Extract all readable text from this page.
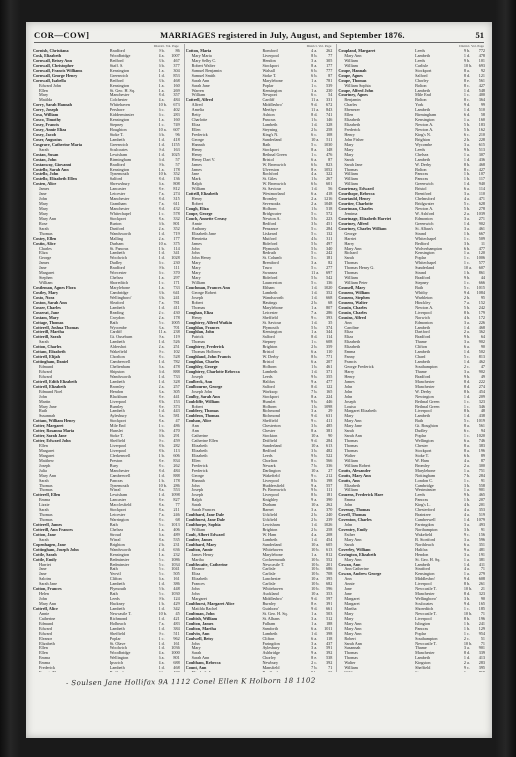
COR—COW]	MARRIAGES registered in July, August, and September 1876.	51
District. Vol. Page
Cornish, Christiana	Bradford	9 b.	86
Cosk, Elizabeth	Woodbridge	4 a. 1007
Cornwall, Betsey Ann	Bedford	3 b. 467
Cornwall, Christopher	Staff. S.	6 b. 377
Cornwall, Francis Williams	Kensington	1 a. 304
Cornwall, George Henry	Greenwich	1 d. 853
Cornwall, Isabella	Bedford	3 b. 468
Edward John	Kensington	1 a. 160
Ellen	St. Geo. H. Sq.	1 a. 269
Mary	Manchester	8 d. 357
Matilda	Colchester	4 a. 484
Corry, Sarah Hannah	Whitehaven	10 b. 673
Corry, Joseph	Pershore	6 c. 402
Cosa, William	Kidderminster	6 c. 283
Cosco, Timothy	Kensington	1 a. 160
Cosey, Francis	Stepney	1 c. 749
Cosey, Annie Eliza	Houghton	10 a. 607
Cosey, Jacob	Stoke T.	6 b.	96
Coser, Augustus	Lambeth	1 d. 418
Cosgrave, Catherine Maria	Greenwich	1 d. 1155
Sarah	Sculcoates	9 d. 163
Costan, Susan	Lewisham	1 d. 1025
Costan, John	Birmingham	6 d.	57
Costanway, Giovanni	Bradford	9 b.	57
Costello, Sarah Ann	Kensington	1 a. 178
Costello, John	Tynemouth	10 b. 352
Costello, Elizabeth Ellen	Salford	8 d. 136
Costen, Alice	Shrewsbury	6 a. 808
James	Lancaster	8 e. 812
Jane	Leicester	7 a. 274
John	Manchester	8 d. 315
Mary	Grantham	7 a. 611
Mary	Manchester	8 d. 432
Mary	Whitechapel	1 c. 578
Mary Ann	Stockport	8 a. 332
Rose	Burton	6 b. 801
Sarah	Dartford	2 a. 352
Thomas	Wandsworth	1 d. 719
Costey, Ellen	Malling	2 a. 177
Costin, Alice	Durham	10 a. 375
Charles	St. Pancras	1 b. 114
Eliza	Lambeth	1 d. 341
George	Woolwich	1 d. 1028
James	Dudley	6 c. 230
Jane	Bradford	9 b. 111
Margaret	Worcester	6 c. 370
Stephen	Chelsea	1 a. 297
William	Shoreditch	1 c. 171
Costleman, Agnes Flora	Marylebone	1 a. 733
Costley, Mary	Cambridge	3 b. 641
Costo, Nora	Wellingboro'	3 b. 241
Coston, Sarah Ann	Sleaford	7 a. 781
Cosser, Charles	Lambeth	1 d. 411
Cosserat, Jane	Reading	2 c. 430
Costam, Mary	Croydon	2 a. 178
Cottage, Thomas	Bath	5 c. 1005
Cotterell, Joshua Thomas	Wycombe	3 a. 701
Cotterill, Martha	Cardiff	11 a. 238
Cotterill, Sarah	Gt. Ouseburn	9 a. 119
Sarah	Lambeth	1 d. 526
Cotton, Charles	Aldershot	2 a. 251
Cottam, Elizabeth	Wakefield	9 c. 102
Cottrell, Elijah	Chorlton	8 c. 528
Cottingham, Daniel	Camberwell	1 d. 782
Edmund	Cheltenham	6 a. 478
Edward	Shipston	6 d. 888
Edward	Wandsworth	1 d. 733
Cottrell, Edith Elizabeth	Lambeth	1 d. 328
Cottrell, Elizabeth	Bromley	2 a. 257
Edmund Noel	Hendon	3 a. 305
John	Blackburn	8 e. 441
Martin	Liverpool	8 b. 153
Mary Jane	Burnley	8 e. 373
Ruth	Lambeth	1 d. 443
Susannah	Aylesbury	3 a. 581
Cottam, William Henry	Stockport	8 a.	47
Cotter, Margaret	Mile End	1 c. 486
Cotter, Rosanna Maria	Hunslet	9 b. 470
Cotter, Sarah Jane	Stoke T.	6 b. 291
Cotter, Edward John	Sheffield	9 c. 459
Ellen	Liverpool	8 b. 282
Margaret	Liverpool	8 b. 113
Margaret	Clerkenwell	1 b. 606
Matthew	Preston	8 e. 834
Joseph	Bury	8 c. 262
Julia	Manchester	8 d. 484
Mary Ann	Camberwell	1 d. 888
Sarah	Pancras	1 b. 178
Thomas	Tynemouth	10 b. 286
Thomas	Wirral	8 a. 553
Cotterell, Ellen	Lewisham	1 d. 1098
Emma	Lancaster	8 e. 827
Lizzie	Macclesfield	8 a.	77
Sarah	Stockport	8 a. 211
Thomas	Leicester	7 a. 246
Thomas	Warrington	8 c.	68
Cotterell, James	Bath	5 c. 1013
Cotterill, Ann Frances	Chelsea	1 a. 406
Cotton, Jane	Stroud	6 a. 489
Sarah	Wirral	8 a. 535
Copenhagen, Jane	Brighton	2 b. 231
Cottingham, Joseph John	Wandsworth	1 d. 636
Cottle, Sarah	Kensington	1 a. 232
Cottle, Emily	Bedminster	5 c. 1086
Harriet	Bedminster	5 c. 1034
Jane	Bath	5 c. 1041
Jane	Yeovil	5 c. 505
Saloim	Clifton	6 a. 161
Sarah Jane	Lambeth	1 d. 386
Cotton, Frances	Plymouth	5 b. 448
Helen	Bath	5 c. 1030
John	Leeds	9 b. 124
Mary Ann	Hackney	1 b. 429
Cottrell, Alice	Lambeth	1 d. 342
Annie	Newcastle T.	10 b. 45
Catherine	Richmond	1 d. 421
Edmund	Holbeach	7 a. 483
Edward	Lambeth	1 d. 384
Edward	Sheffield	9 c. 511
Eleanor	Poplar	1 c. 962
Elizabeth	St. Olave	1 d. 161
Ellen	Woolwich	1 d. 1036
Ellen	Woodbridge	4 a. 1000
Emma	Wellington	6 a. 801
Emma	Ipswich	4 a. 688
Frederick	Lambeth	1 d. 468
District. Vol. Page
Cotton, Maria	Romford	4 a. 262
Mary Maria	Liverpool	8 b.	77
Mary Selby C.	Hendon	3 a. 305
Robert Walter	Stockport	8 a. 177
Samuel Benjamin	Walsall	6 b. 777
Samuel Smith	Stoke T.	6 b.	87
Sarah Ann	Marylebone	1 a. 781
Sarah Jane	Poplar	1 c. 539
Warren	Kensington	1 a. 230
William	Newport	6 c.	54
Cottrell, Alfred	Cardiff	11 a. 331
Alfred	Middlesbro'	9 d. 672
Amelia	Merthyr	11 a. 843
Betty	Ashton	8 d. 741
Charlotte	Pancras	1 b. 146
Eliza	Lambeth	1 d. 328
Ellen	Steyning	2 b. 258
Frederick	King's N.	6 c. 108
George	Sunderland	10 a. 511
Hannah	Bath	5 c. 1030
Henry	Stockport	8 a. 148
Henry	Bethnal Green	1 c. 476
Henry Dart V.	Bristol	6 a.	87
James	W. Bromwich	6 b. 823
James	Ulverston	8 e. 1052
Jane	Rochford	4 a. 322
Mark	St. Giles	1 b. 267
Ralph	W. Bromwich	6 b. 601
William	St. Saviour	1 d.	56
Cottrill, Elizabeth	Westmorland	6 a. 418
Henry	Bromley	2 a. 1216
Robert	Sevenoaks	2 a. 1048
Cough, Eliza	Holborn	1 b. 518
Coupe, George	Bridgwater	5 c. 572
Couch, Annette Creasy	Newton A.	5 b. 223
Annie	Bedford	3 b. 451
Anthony	Penzance	5 c. 284
Elizabeth Jane	Liskeard	5 c. 132
Henrietta	Mutford	4 b. 311
James	Bideford	5 b. 497
John	Plymouth	5 b. 340
John	Redruth	5 c. 242
John Henry	St. Columb	5 c. 181
Mary	Brentford	3 a.	82
Mary	Truro	5 c. 277
Mary	Swansea	11 a. 697
Mary	Bideford	5 b. 542
William	Launceston	5 c. 136
Couchman, Frances Ann	Eltham	1 d. 1020
George Robert	Lambeth	1 d. 352
Joseph	Wandsworth	1 d. 668
Robert	Hastings	2 b.	68
Thomas	Marylebone	1 a. 807
Coughan, Eliza	Leicester	7 a. 286
Henry	Sheffield	9 c. 393
Coughtrey, Alfred Watkin	St. Saviour	1 d.	35
Coughlan, Frances	Plymouth	5 b. 374
Coughlan, John	Kensington	1 a. 344
Patrick	Salford	8 d. 114
Thomas	Stepney	1 c. 608
Coughtrey, Frederick	Brighton	2 b. 359
Thomas Holbrow	Bristol	6 a. 110
Coughland, John Francis	W. Derby	8 b. 771
Coughlan, Charles	Bristol	6 a. 207
Coughley, George	Holborn	1 b. 461
Coughtrey, Charlotte Rebecca	Lambeth	1 d. 371
Joseph	Leeds	9 b. 355
Coulbeck, Ann	Halifax	9 a. 477
Coulbourne, George	Salford	8 d. 122
Joseph John	Worksop	7 b. 165
Coulby, Sarah Ann	Stockport	8 a. 224
Coulcliffe, William	Hunslet	9 b. 446
Robert	Holborn	1 b. 1098
Couldery, Thomas	Richmond	3 a.	29
Couldron, Thomas	Richmond	9 d. 631
Coulson, Alice	Sheffield	9 c. 411
Ann	Chesterton	3 b. 485
Ann	Chester	8 a. 381
Catherine	Stockton	10 a. 90
Catherine Ellen	Driffield	9 d. 284
Elizabeth	Sunderland	10 a. 613
Elizabeth	Bedford	3 b. 482
Elizabeth	Leeds	9 b. 522
Ellen	Chorlton	8 c. 566
Frederick	Newark	7 b. 336
Frederick	Darlington	10 a. 27
George	Wakefield	9 c. 212
Hannah	Liverpool	8 b. 198
John	Huddersfield	9 a. 557
Joseph	Pr. Bromwich	9 b. 111
Joseph	Liverpool	8 b. 181
Ralph	Knighley	9 a. 390
Sarah	Durham	10 a. 262
Sarah Frances	Barnet	3 a. 370
Coulthard, Jane Dale	Uckfield	2 b. 240
Coulthurst, Jane Dale	Uckfield	2 b. 239
Coulthorpe, Sophia	Lewisham	1 d. 1026
William	Brighton	2 b. 258
Coult, Albert Edward	W. Ham	4 a. 208
Coulter, James	Lambeth	1 d. 454
Coulthard, Mary	Sunderland	10 a. 605
Coulton, Annie	Whitehaven	10 b. 613
James Henry	Marylebone	1 a. 812
Martha	Cockermouth	10 b. 552
Coulthwaite, Catherine	Newcastle T.	10 b. 201
Eleanor	Carlisle	10 b. 686
Eliza	Carlisle	10 b. 708
Elizabeth	Lanchester	10 a. 395
Frances	Carlisle	10 b. 682
John	Whitehaven	10 b. 596
John	Auckland	10 a. 353
Margaret	Middlesbro'	9 d. 597
Coulthurst, Margaret Alice	Burnley	8 e. 391
Matilda Rachel	Guisboro'	9 d. 661
Coultman, John	St. Geo. H. Sq.	1 a. 503
Coultish, William	St. Albans	3 a. 512
Coulton, James	Fulham	1 a. 188
Coulton, Martha	Samforth	6 a. 1011
Coulvin, Ann	Lambeth	1 d. 398
Coulwell, Betsy	Clifton	6 a. 118
John	Faringdon	3 a. 437
Mary	Aylesbury	3 a. 591
Sarah	Ashbridge	9 a. 392
Sarah Ann	Chorley	8 e. 538
Coultham, Rebecca	Newbury	2 c. 392
Count, Ann	Mansfield	7 b.	71
District. Vol. Page
Coupland, Margaret	Leeds	9 b. 772
Mary Ann	Lambeth	1 d. 478
William	Leeds	9 b. 101
William	Carlisle	10 b. 693
Coupe, Hannah	Stockport	8 a.	92
Coupe, Agnes	Salford	8 d. 121
Coupe, Thomas	Chorley	8 e. 561
William Sophia	Bolton	8 c. 427
Coupe, Alfred John	Lambeth	1 d. 548
Courtney, Agnes	Mile End	1 c. 400
Benjamin	Bolton	8 c. 364
Charles	York	9 d.	99
Ebenezer	Lambeth	1 d. 510
Ellen	Birmingham	6 d.	58
Elizabeth	Kensington	1 a. 160
Elizabeth	Newton A.	5 b. 183
Frederick	Newton A.	5 b. 162
Henry	King's N.	6 c. 210
John Fisher	Brighton	2 b. 228
Mary	Wycombe	3 a. 615
Mary	Leeds	9 b. 513
Mary	Chelsea	1 a. 307
Sarah	Lambeth	1 d. 436
Sarah Jane	W. Derby	8 b. 468
Thomas	Bolton	8 c. 427
William	Pancras	1 b. 107
William	Pancras	1 b. 117
William	Greenwich	1 d. 940
Courtenay, Edward	Bristol	6 a. 114
Courthope, Rebecca	Brentford	3 a. 110
Courtauld, Henry	Chelmsford	4 a. 471
Courtier, Charlotte	Bridgwater	5 c. 628
Courtman, Charles	Newton A.	5 b. 278
Jemima	W. Ashford	2 a. 1039
Courtnage, Elizabeth Harriet	Edmonton	3 a. 271
Courtney, Alfred	Greenwich	1 d. 902
Courtney, Charles William	St. Alban's	3 a. 461
George	Strand	1 b. 667
Harriet	Whitechapel	1 c. 509
Harry	Bedford	3 b.	11
Mary Ann	Wolverhampton	6 b. 477
Richard	Kensington	1 a. 120
Sarah	Poplar	1 c. 1006
Thomas	Whitechapel	1 c. 577
Thomas Henry G.	Sunderland	10 a. 607
Thomas	Strand	1 b. 861
William	Bradford	9 b.	44
William Peter	Stepney	1 c. 666
Coussell, Mary	Bath	5 c. 1015
Cousens, William	Whitby	9 d. 1084
Cousens, Stephen	Warbleton	2 b.	95
Cousens, Walter	Hinckley	7 a. 152
Cousin, Charles	Newton A.	5 b. 242
Cousin, Charles	Liverpool	8 b. 179
Cousins, Alfred	Norwich	4 b. 172
Ann	Edmonton	3 a. 226
Caroline	Lambeth	1 d. 468
Eliza	Dartford	2 a. 362
Eliza	Bradford	9 b.	64
Elizabeth	Thame	3 a. 902
Elizabeth	Clifton	6 a.	90
Emma	Lambeth	1 d. 502
Fanny	Chard	5 c. 813
Francis	Lambeth	1 d. 462
George Frederick	Southampton	2 c.	47
Harry	Thame	3 a. 902
Henry	Bradford	9 b.	49
James	Manchester	8 d. 222
John	Manchester	8 d. 274
John	W. Derby	8 b. 454
John	Newington	1 d. 209
Joseph	Bethnal Green	1 c. 323
Louisa	Bethnal Green	1 c. 346
Margaret Elizabeth	Liverpool	8 b.	48
Mary	Lambeth	1 d. 438
Mary Ann	Bath	5 c. 1019
Mary Jane	Gt. Boughton	8 a. 561
Sarah	Dudley	6 c.	94
Sarah Ann	Poplar	1 c. 1020
Thomas	Wellington	6 a. 746
Thomas	Chester	8 a. 383
Thomas	Stockport	8 a. 196
Walter	Stoke T.	6 b.	89
William	W. Ham	4 a.	87
William Robert	Bromley	2 a. 300
Coutts, Alexander	Marylebone	1 a. 751
Coutts, Mary Ann	Nottingham	7 b. 284
Coutts, Ann	London C.	1 c.	91
Elizabeth	Cambridge	3 b. 558
William	Westminster	1 a. 901
Couzens, Frederick Hare	Leeds	9 b. 465
Emma	Pancras	1 b. 207
John	King's L.	4 b. 201
Covenay, Thomas	Chesterford	4 a. 353
Covell, Thomas	Braintree	4 a. 519
Coventon, Charles	Camberwell	1 d. 1079
John	Farringdon	3 a. 493
Coventry, Emily	Northampton	3 b.	91
Esther	Wakefield	9 c. 156
Mary Ann	B. Stortford	3 a. 596
Sarah	Northleach	6 a. 351
Coverley, William	Halifax	9 a. 481
Covington, Elizabeth	Hendon	3 a. 191
Mary Ann	St. Geo. H. Sq.	1 a. 381
Cowan, Ann	Lambeth	1 d. 411
Ann Catherine	Stratford	4 a.	71
Cowan, Andrew George	Kensington	1 a. 279
Ann	Middlesbro'	9 d. 608
Annie	Liverpool	8 b. 261
Jane	Newcastle T.	10 b. 21
Jane	Manchester	8 d. 323
Margaret	Wellingboro'	3 b.	90
Margaret	Sculcoates	9 d. 165
Martha	Shoreditch	1 c. 185
Mary	Newcastle T.	10 b. 71
Mary	Liverpool	8 b. 196
Mary Ann	Islington	1 b. 241
Mary Ann	Pancras	1 b. 129
Mary Ann	Poplar	1 c. 954
Robert	Southampton	2 c.	51
Sarah Ann	Newcastle T.	10 b. 71
Susannah	Thame	3 a. 901
Thomas	Manchester	8 d. 339
Thomas	Lambeth	1 d. 413
Walter	Kingston	2 a. 283
William	Sheffield	9 c. 395
- Soulsen Jane Hollifax 9A 1112 Conel Ellen K Holborn 18 1102
